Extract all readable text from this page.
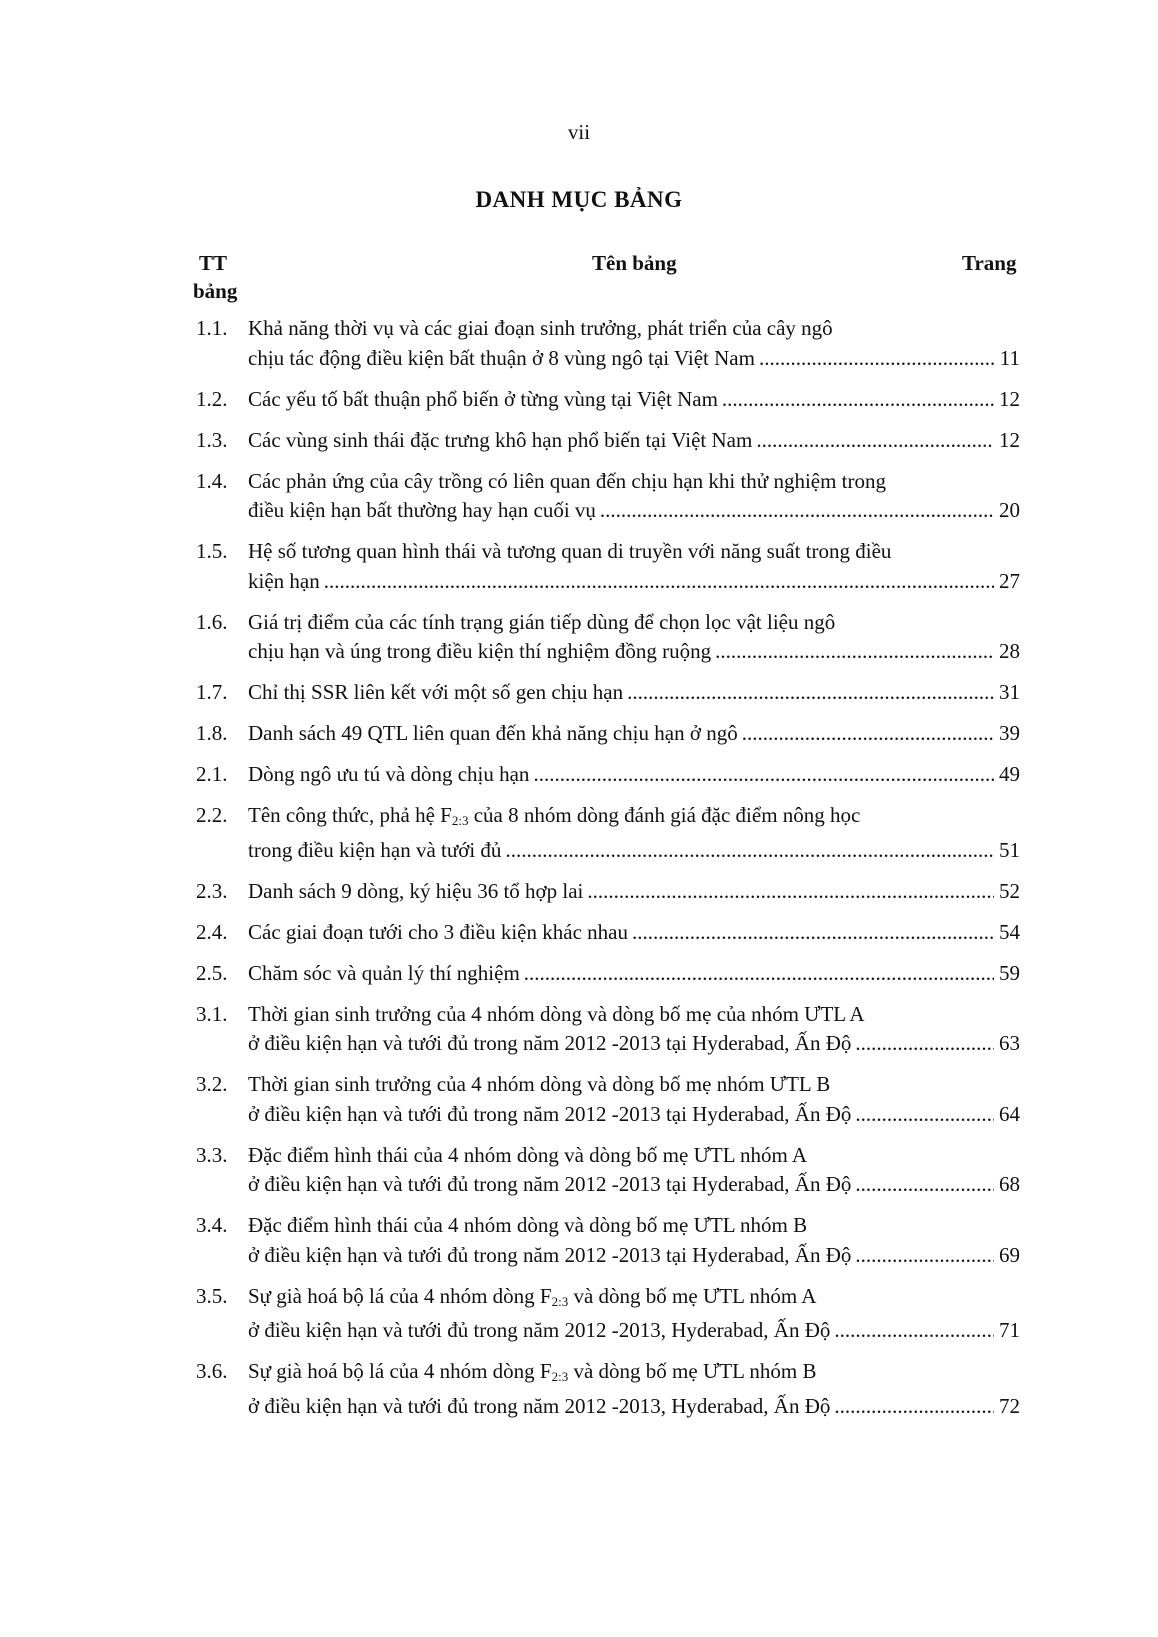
vii
DANH MỤC BẢNG
TT
bảng
Tên bảng	Trang
1.1. Khả năng thời vụ và các giai đoạn sinh trưởng, phát triển của cây ngô
chịu tác động điều kiện bất thuận ở 8 vùng ngô tại Việt Nam .....	11
1.2. Các yếu tố bất thuận phổ biến ở từng vùng tại Việt Nam .....	12
1.3. Các vùng sinh thái đặc trưng khô hạn phổ biến tại Việt Nam .....	12
1.4. Các phản ứng của cây trồng có liên quan đến chịu hạn khi thử nghiệm trong
điều kiện hạn bất thường hay hạn cuối vụ .....	20
1.5. Hệ số tương quan hình thái và tương quan di truyền với năng suất trong điều
kiện hạn .....	27
1.6. Giá trị điểm của các tính trạng gián tiếp dùng để chọn lọc vật liệu ngô
chịu hạn và úng trong điều kiện thí nghiệm đồng ruộng .....	28
1.7. Chỉ thị SSR liên kết với một số gen chịu hạn .....	31
1.8. Danh sách 49 QTL liên quan đến khả năng chịu hạn ở ngô .....	39
2.1. Dòng ngô ưu tú và dòng chịu hạn .....	49
2.2. Tên công thức, phả hệ $F_{2:3}$ của 8 nhóm dòng đánh giá đặc điểm nông học
trong điều kiện hạn và tưới đủ .....	51
2.3. Danh sách 9 dòng, ký hiệu 36 tổ hợp lai .....	52
2.4. Các giai đoạn tưới cho 3 điều kiện khác nhau .....	54
2.5. Chăm sóc và quản lý thí nghiệm .....	59
3.1. Thời gian sinh trưởng của 4 nhóm dòng và dòng bố mẹ của nhóm ƯTL A
ở điều kiện hạn và tưới đủ trong năm 2012 -2013 tại Hyderabad, Ấn Độ .....	63
3.2. Thời gian sinh trưởng của 4 nhóm dòng và dòng bố mẹ nhóm ƯTL B
ở điều kiện hạn và tưới đủ trong năm 2012 -2013 tại Hyderabad, Ấn Độ .....	64
3.3. Đặc điểm hình thái của 4 nhóm dòng và dòng bố mẹ ƯTL nhóm A
ở điều kiện hạn và tưới đủ trong năm 2012 -2013 tại Hyderabad, Ấn Độ .....	68
3.4. Đặc điểm hình thái của 4 nhóm dòng và dòng bố mẹ ƯTL nhóm B
ở điều kiện hạn và tưới đủ trong năm 2012 -2013 tại Hyderabad, Ấn Độ .....	69
3.5. Sự già hoá bộ lá của 4 nhóm dòng $F_{2:3}$ và dòng bố mẹ ƯTL nhóm A
ở điều kiện hạn và tưới đủ trong năm 2012 -2013, Hyderabad, Ấn Độ .....	71
3.6. Sự già hoá bộ lá của 4 nhóm dòng $F_{2:3}$ và dòng bố mẹ ƯTL nhóm B
ở điều kiện hạn và tưới đủ trong năm 2012 -2013, Hyderabad, Ấn Độ .....	72
